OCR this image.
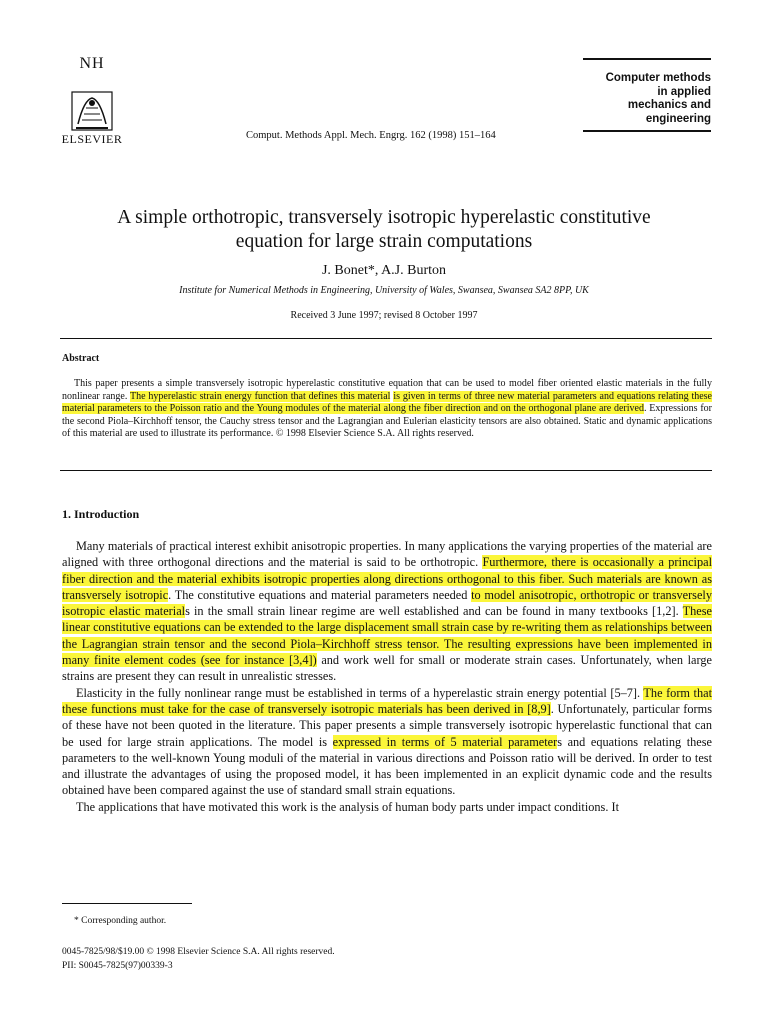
NH
ELSEVIER	Comput. Methods Appl. Mech. Engrg. 162 (1998) 151–164
Computer methods
in applied
mechanics and
engineering
A simple orthotropic, transversely isotropic hyperelastic constitutive
equation for large strain computations
J. Bonet*, A.J. Burton
Institute for Numerical Methods in Engineering, University of Wales, Swansea, Swansea SA2 8PP, UK
Received 3 June 1997; revised 8 October 1997
Abstract
This paper presents a simple transversely isotropic hyperelastic constitutive equation that can be used to model fiber oriented elastic materials in the fully nonlinear range. The hyperelastic strain energy function that defines this material is given in terms of three new material parameters and equations relating these material parameters to the Poisson ratio and the Young modules of the material along the fiber direction and on the orthogonal plane are derived. Expressions for the second Piola–Kirchhoff tensor, the Cauchy stress tensor and the Lagrangian and Eulerian elasticity tensors are also obtained. Static and dynamic applications of this material are used to illustrate its performance. © 1998 Elsevier Science S.A. All rights reserved.
1. Introduction

Many materials of practical interest exhibit anisotropic properties. In many applications the varying properties of the material are aligned with three orthogonal directions and the material is said to be orthotropic. Furthermore, there is occasionally a principal fiber direction and the material exhibits isotropic properties along directions orthogonal to this fiber. Such materials are known as transversely isotropic. The constitutive equations and material parameters needed to model anisotropic, orthotropic or transversely isotropic elastic materials in the small strain linear regime are well established and can be found in many textbooks [1,2]. These linear constitutive equations can be extended to the large displacement small strain case by re-writing them as relationships between the Lagrangian strain tensor and the second Piola–Kirchhoff stress tensor. The resulting expressions have been implemented in many finite element codes (see for instance [3,4]) and work well for small or moderate strain cases. Unfortunately, when large strains are present they can result in unrealistic stresses.

Elasticity in the fully nonlinear range must be established in terms of a hyperelastic strain energy potential [5–7]. The form that these functions must take for the case of transversely isotropic materials has been derived in [8,9]. Unfortunately, particular forms of these have not been quoted in the literature. This paper presents a simple transversely isotropic hyperelastic functional that can be used for large strain applications. The model is expressed in terms of 5 material parameters and equations relating these parameters to the well-known Young moduli of the material in various directions and Poisson ratio will be derived. In order to test and illustrate the advantages of using the proposed model, it has been implemented in an explicit dynamic code and the results obtained have been compared against the use of standard small strain equations.

The applications that have motivated this work is the analysis of human body parts under impact conditions. It

* Corresponding author.
0045-7825/98/$19.00 © 1998 Elsevier Science S.A. All rights reserved.
PII: S0045-7825(97)00339-3
